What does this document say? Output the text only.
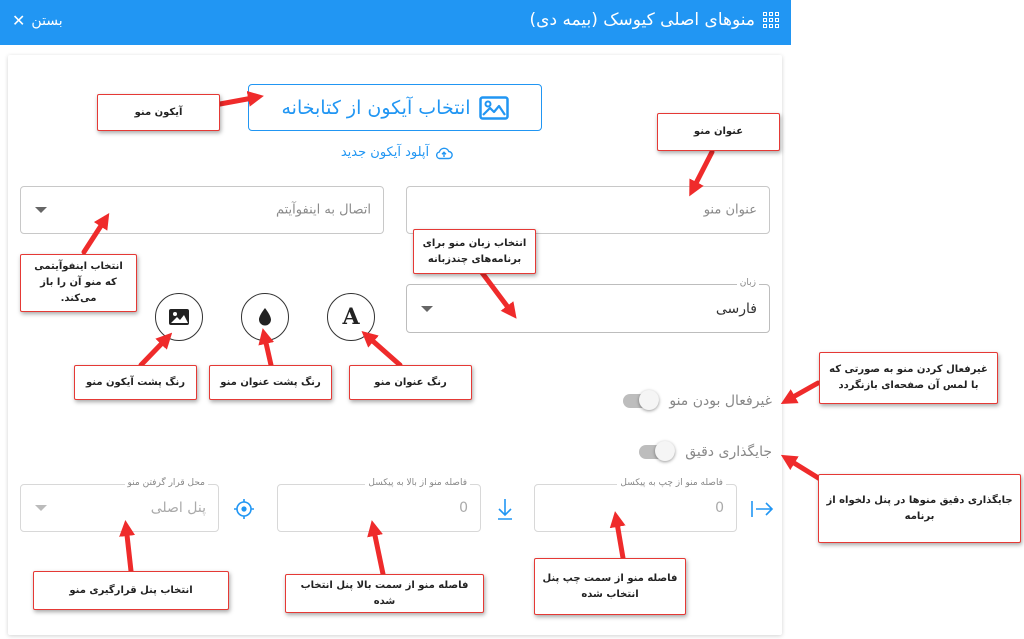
منوهای اصلی کیوسک (بیمه دی)
✕ بستن
انتخاب آیکون از کتابخانه
آپلود آیکون جدید
اتصال به اینفوآیتم	عنوان منو
زبان
فارسی
A
غیرفعال بودن منو
جایگذاری دقیق
محل قرار گرفتن منو
پنل اصلی
فاصله منو از بالا به پیکسل
0
فاصله منو از چپ به پیکسل
0
آیکون منو
عنوان منو
انتخاب اینفوآیتمی که منو آن را باز می‌کند.
انتخاب زبان منو برای برنامه‌های چندزبانه
رنگ پشت آیکون منو	رنگ پشت عنوان منو	رنگ عنوان منو
غیرفعال کردن منو به صورتی که با لمس آن صفحه‌ای بازنگردد
جایگذاری دقیق منوها در پنل دلخواه از برنامه
انتخاب پنل قرارگیری منو	فاصله منو از سمت بالا پنل انتخاب شده
فاصله منو از سمت چپ پنل انتخاب شده
